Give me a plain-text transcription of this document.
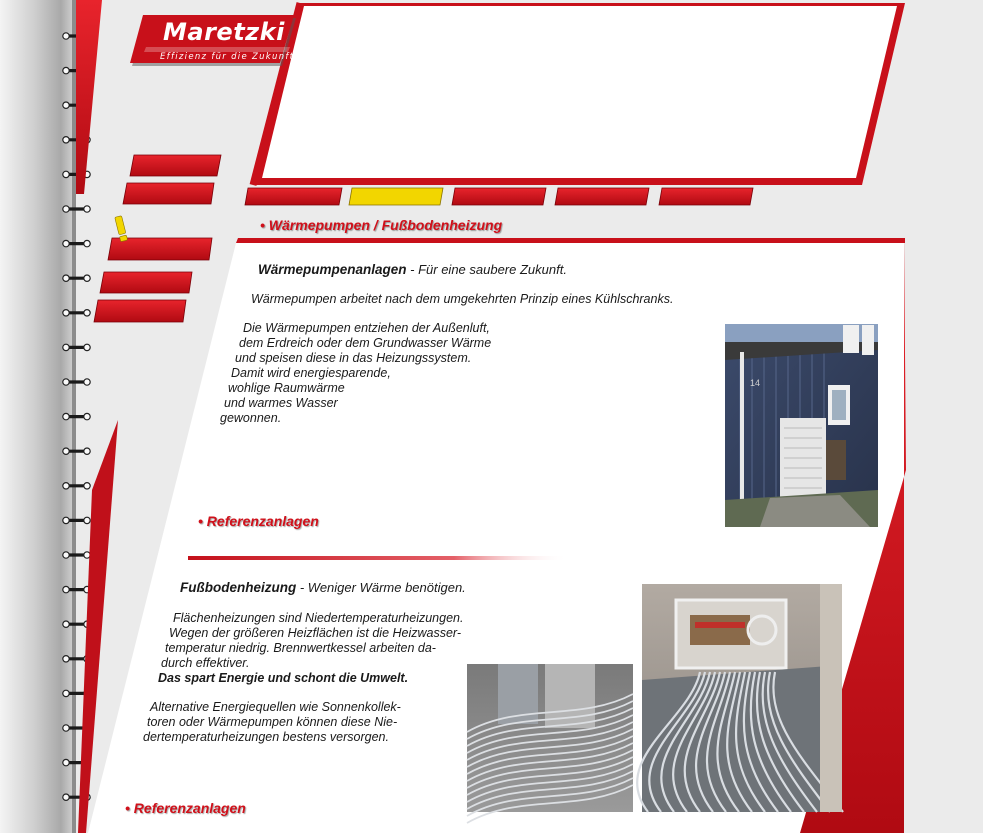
14
Maretzki
Effizienz für die Zukunft!
• Wärmepumpen / Fußbodenheizung
Wärmepumpenanlagen - Für eine saubere Zukunft.
Wärmepumpen arbeitet nach dem umgekehrten Prinzip eines Kühlschranks.
Die Wärmepumpen entziehen der Außenluft,
dem Erdreich oder dem Grundwasser Wärme
und speisen diese in das Heizungssystem.
Damit wird energiesparende,
wohlige Raumwärme
und warmes Wasser
gewonnen.
• Referenzanlagen
Fußbodenheizung - Weniger Wärme benötigen.
Flächenheizungen sind Niedertemperaturheizungen.
Wegen der größeren Heizflächen ist die Heizwasser-
temperatur niedrig. Brennwertkessel arbeiten da-
durch effektiver.
Das spart Energie und schont die Umwelt.
Alternative Energiequellen wie Sonnenkollek-
toren oder Wärmepumpen können diese Nie-
dertemperaturheizungen bestens versorgen.
• Referenzanlagen
